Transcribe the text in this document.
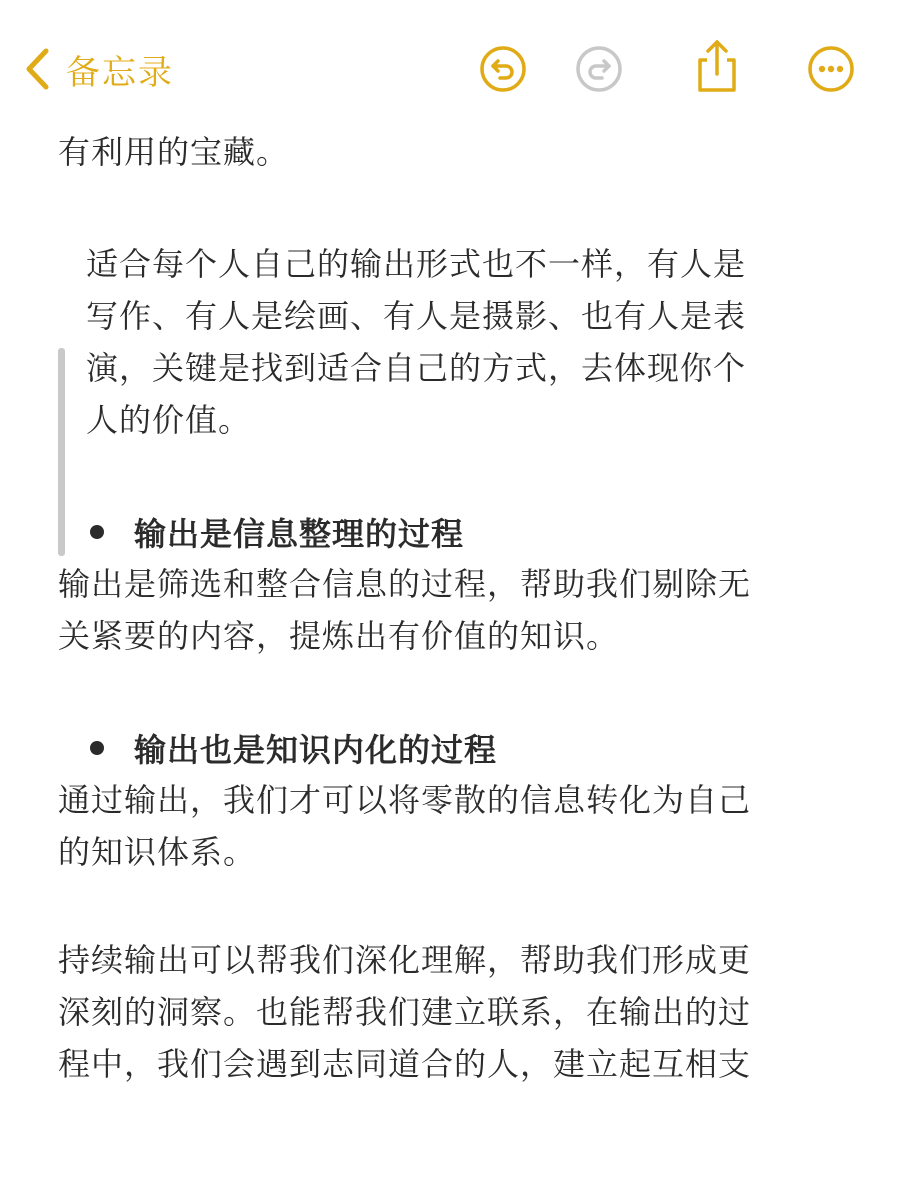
备忘录

有利用的宝藏。

适合每个人自己的输出形式也不一样，有人是

写作、有人是绘画、有人是摄影、也有人是表

演，关键是找到适合自己的方式，去体现你个

人的价值。

输出是信息整理的过程

输出是筛选和整合信息的过程，帮助我们剔除无

关紧要的内容，提炼出有价值的知识。

输出也是知识内化的过程

通过输出，我们才可以将零散的信息转化为自己

的知识体系。

持续输出可以帮我们深化理解，帮助我们形成更

深刻的洞察。也能帮我们建立联系，在输出的过

程中，我们会遇到志同道合的人，建立起互相支
